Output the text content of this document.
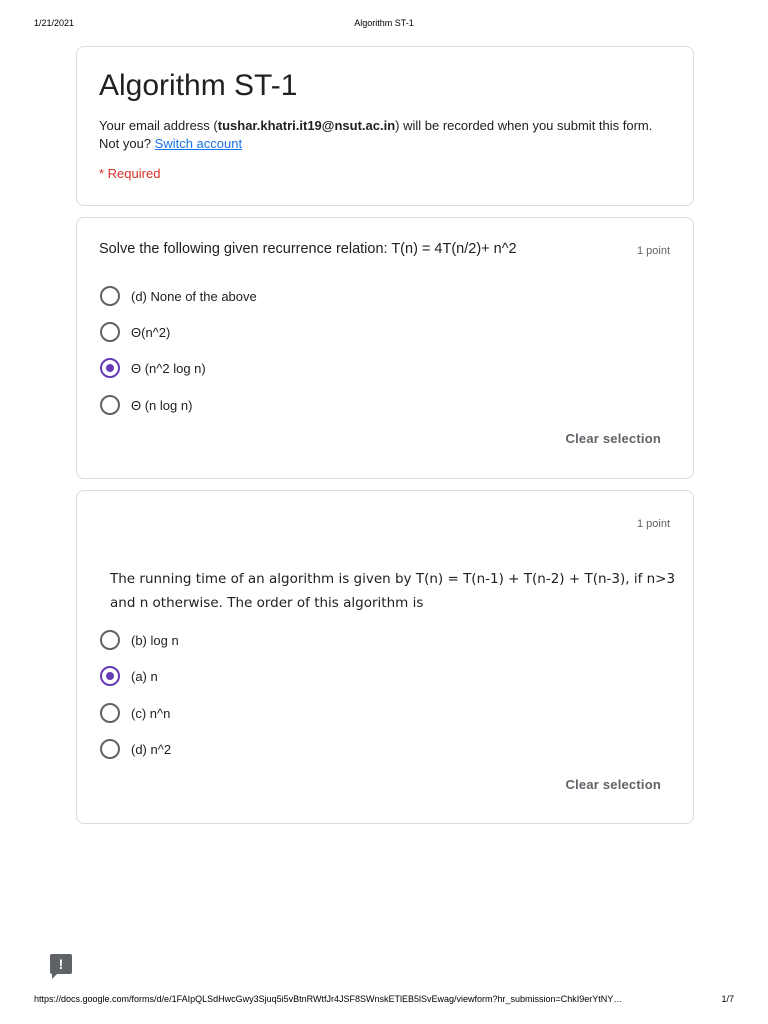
1/21/2021	Algorithm ST-1
Algorithm ST-1
Your email address (tushar.khatri.it19@nsut.ac.in) will be recorded when you submit this form. Not you? Switch account
* Required
Solve the following given recurrence relation: T(n) = 4T(n/2)+ n^2	1 point
(d) None of the above
Θ(n^2)
Θ (n^2 log n)
Θ (n log n)
Clear selection
1 point
The running time of an algorithm is given by T(n) = T(n-1) + T(n-2) + T(n-3), if n>3 and n otherwise. The order of this algorithm is
(b) log n
(a) n
(c) n^n
(d) n^2
Clear selection
!
https://docs.google.com/forms/d/e/1FAIpQLSdHwcGwy3Sjuq5i5vBtnRWtfJr4JSF8SWnskETlEB5lSvEwag/viewform?hr_submission=ChkI9erYtNY…	1/7
